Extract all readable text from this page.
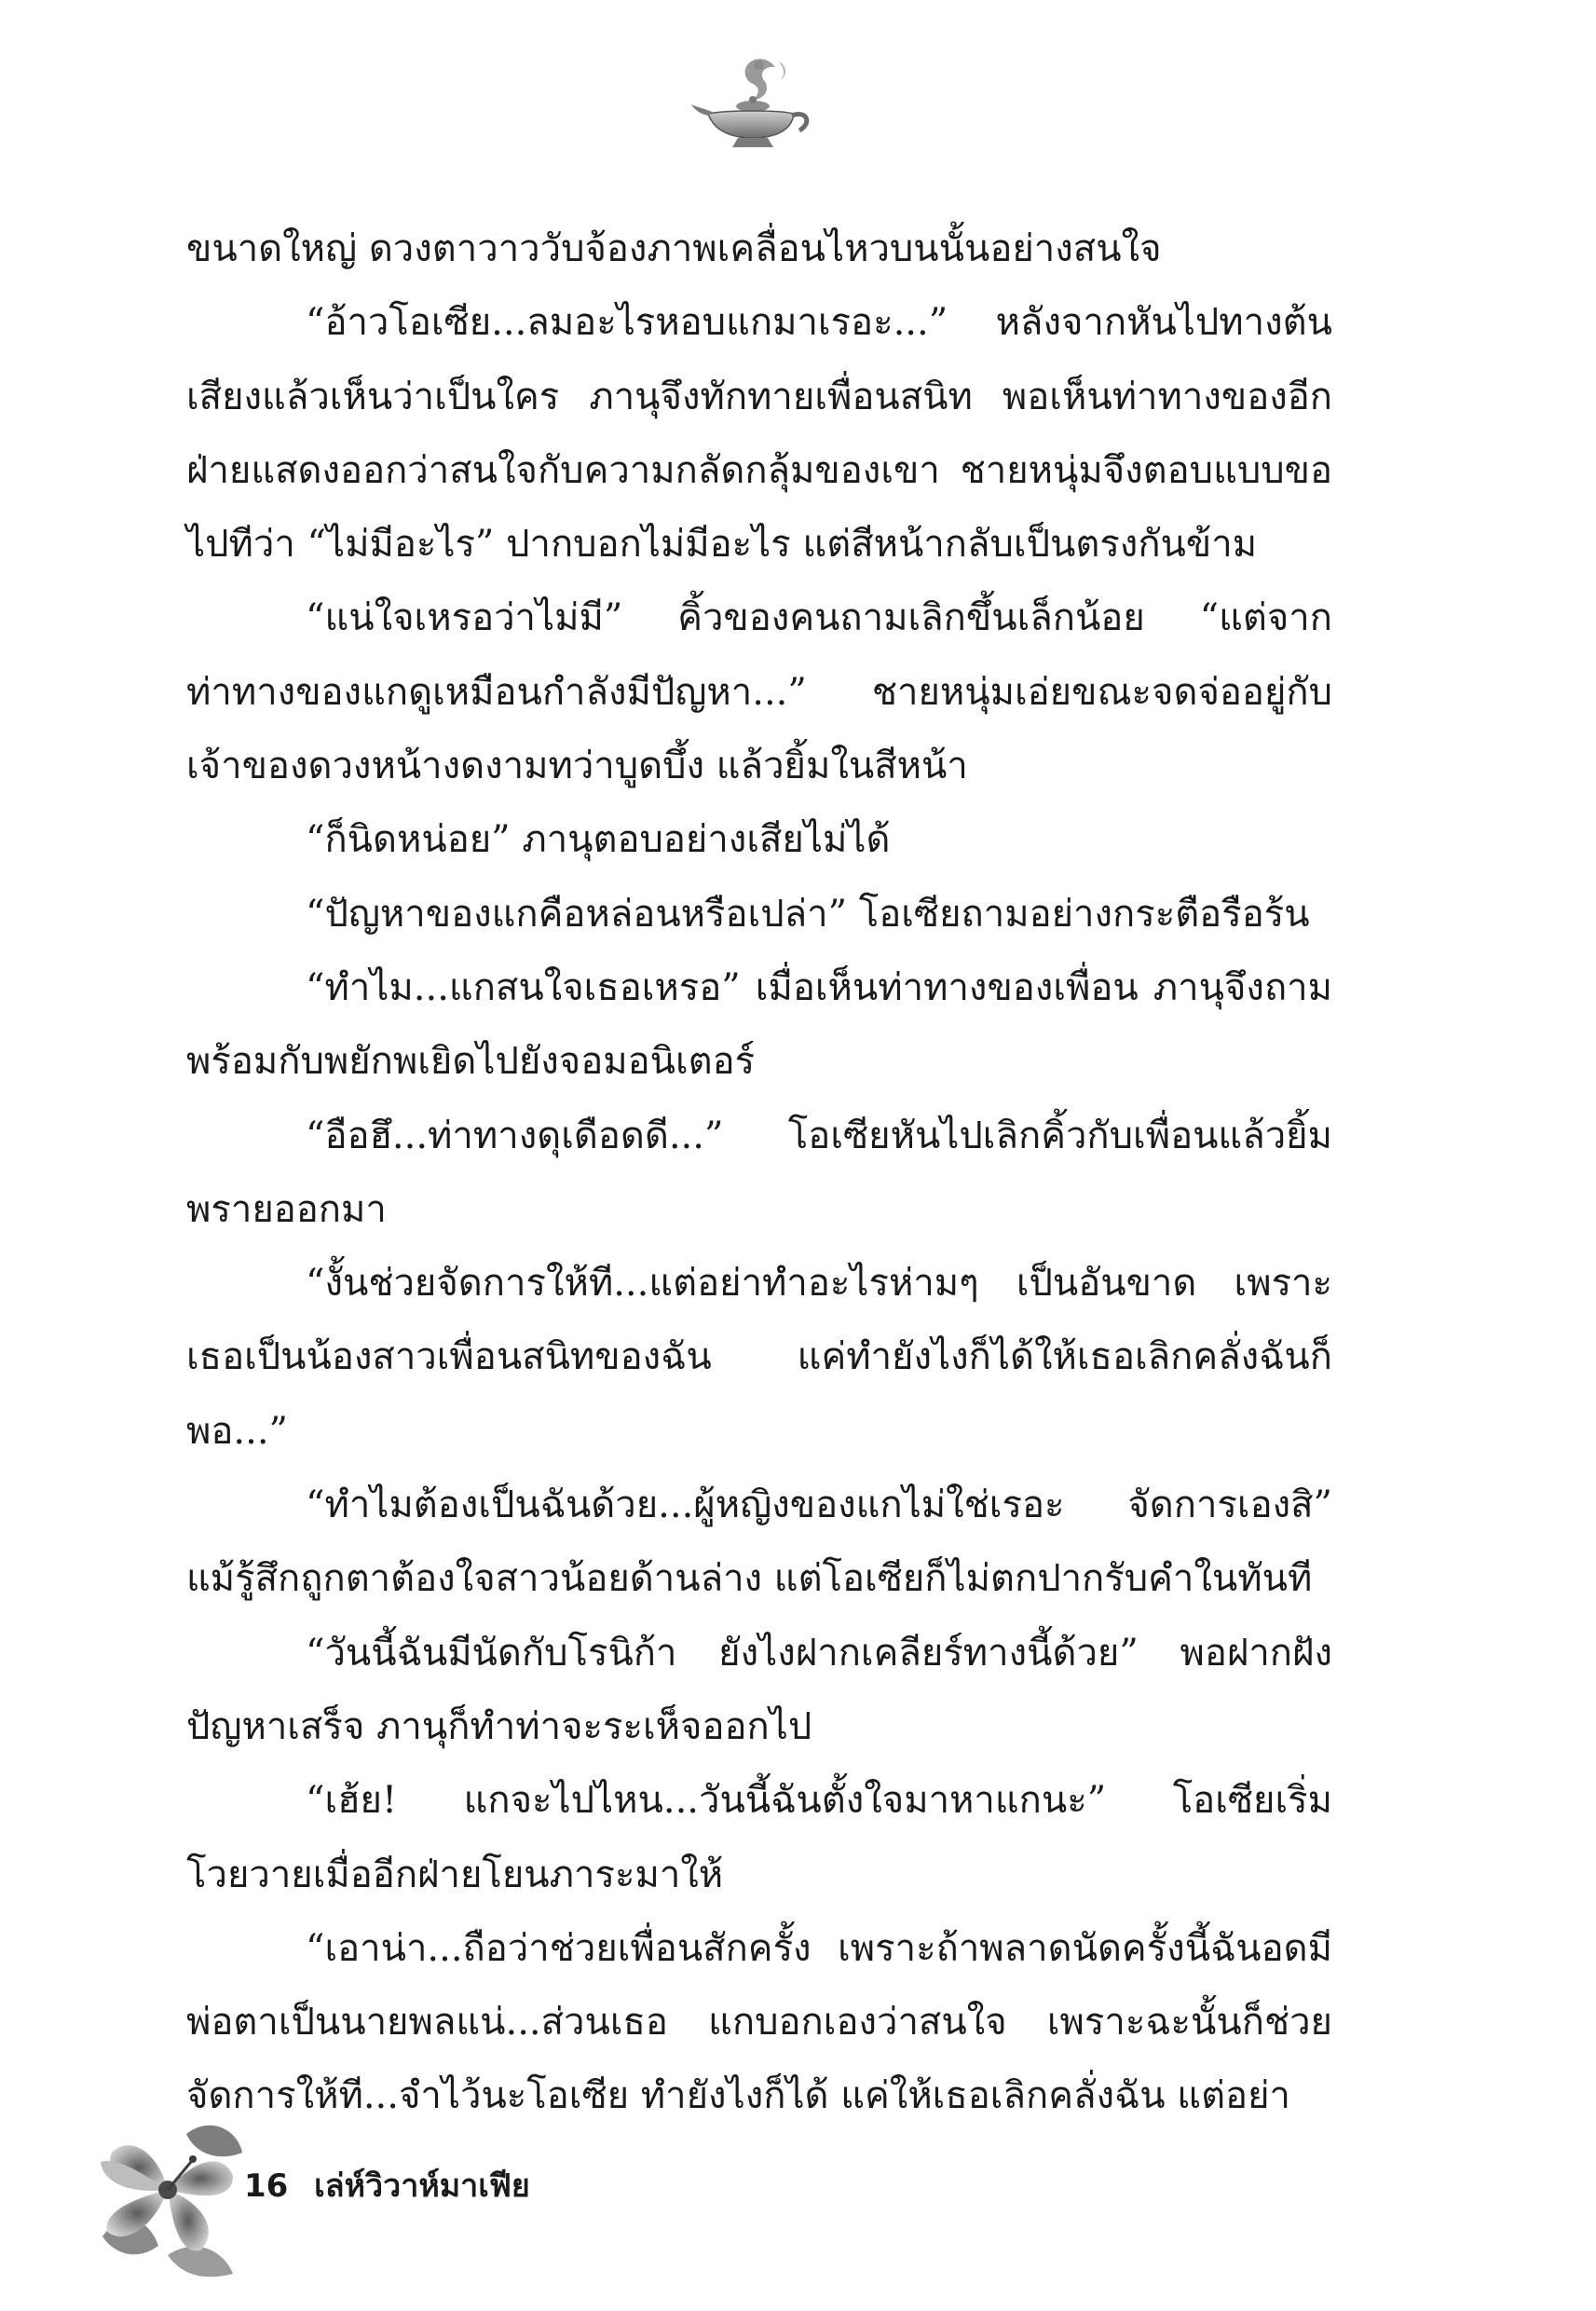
ขนาดใหญ่ ดวงตาวาววับจ้องภาพเคลื่อนไหวบนนั้นอย่างสนใจ

“อ้าวโอเซีย...ลมอะไรหอบแกมาเรอะ...” หลังจากหันไปทางต้นเสียงแล้วเห็นว่าเป็นใคร ภานุจึงทักทายเพื่อนสนิท พอเห็นท่าทางของอีกฝ่ายแสดงออกว่าสนใจกับความกลัดกลุ้มของเขา ชายหนุ่มจึงตอบแบบขอไปทีว่า “ไม่มีอะไร” ปากบอกไม่มีอะไร แต่สีหน้ากลับเป็นตรงกันข้าม

“แน่ใจเหรอว่าไม่มี” คิ้วของคนถามเลิกขึ้นเล็กน้อย “แต่จากท่าทางของแกดูเหมือนกำลังมีปัญหา...” ชายหนุ่มเอ่ยขณะจดจ่ออยู่กับเจ้าของดวงหน้างดงามทว่าบูดบึ้ง แล้วยิ้มในสีหน้า

“ก็นิดหน่อย” ภานุตอบอย่างเสียไม่ได้

“ปัญหาของแกคือหล่อนหรือเปล่า” โอเซียถามอย่างกระตือรือร้น

“ทำไม...แกสนใจเธอเหรอ” เมื่อเห็นท่าทางของเพื่อน ภานุจึงถามพร้อมกับพยักพเยิดไปยังจอมอนิเตอร์

“อือฮึ...ท่าทางดุเดือดดี...” โอเซียหันไปเลิกคิ้วกับเพื่อนแล้วยิ้มพรายออกมา

“งั้นช่วยจัดการให้ที...แต่อย่าทำอะไรห่ามๆ เป็นอันขาด เพราะเธอเป็นน้องสาวเพื่อนสนิทของฉัน แค่ทำยังไงก็ได้ให้เธอเลิกคลั่งฉันก็พอ...”

“ทำไมต้องเป็นฉันด้วย...ผู้หญิงของแกไม่ใช่เรอะ จัดการเองสิ” แม้รู้สึกถูกตาต้องใจสาวน้อยด้านล่าง แต่โอเซียก็ไม่ตกปากรับคำในทันที

“วันนี้ฉันมีนัดกับโรนิก้า ยังไงฝากเคลียร์ทางนี้ด้วย” พอฝากฝังปัญหาเสร็จ ภานุก็ทำท่าจะระเห็จออกไป

“เฮ้ย! แกจะไปไหน...วันนี้ฉันตั้งใจมาหาแกนะ” โอเซียเริ่มโวยวายเมื่ออีกฝ่ายโยนภาระมาให้

“เอาน่า...ถือว่าช่วยเพื่อนสักครั้ง เพราะถ้าพลาดนัดครั้งนี้ฉันอดมีพ่อตาเป็นนายพลแน่...ส่วนเธอ แกบอกเองว่าสนใจ เพราะฉะนั้นก็ช่วยจัดการให้ที...จำไว้นะโอเซีย ทำยังไงก็ได้ แค่ให้เธอเลิกคลั่งฉัน แต่อย่า

16 เล่ห์วิวาห์มาเฟีย
